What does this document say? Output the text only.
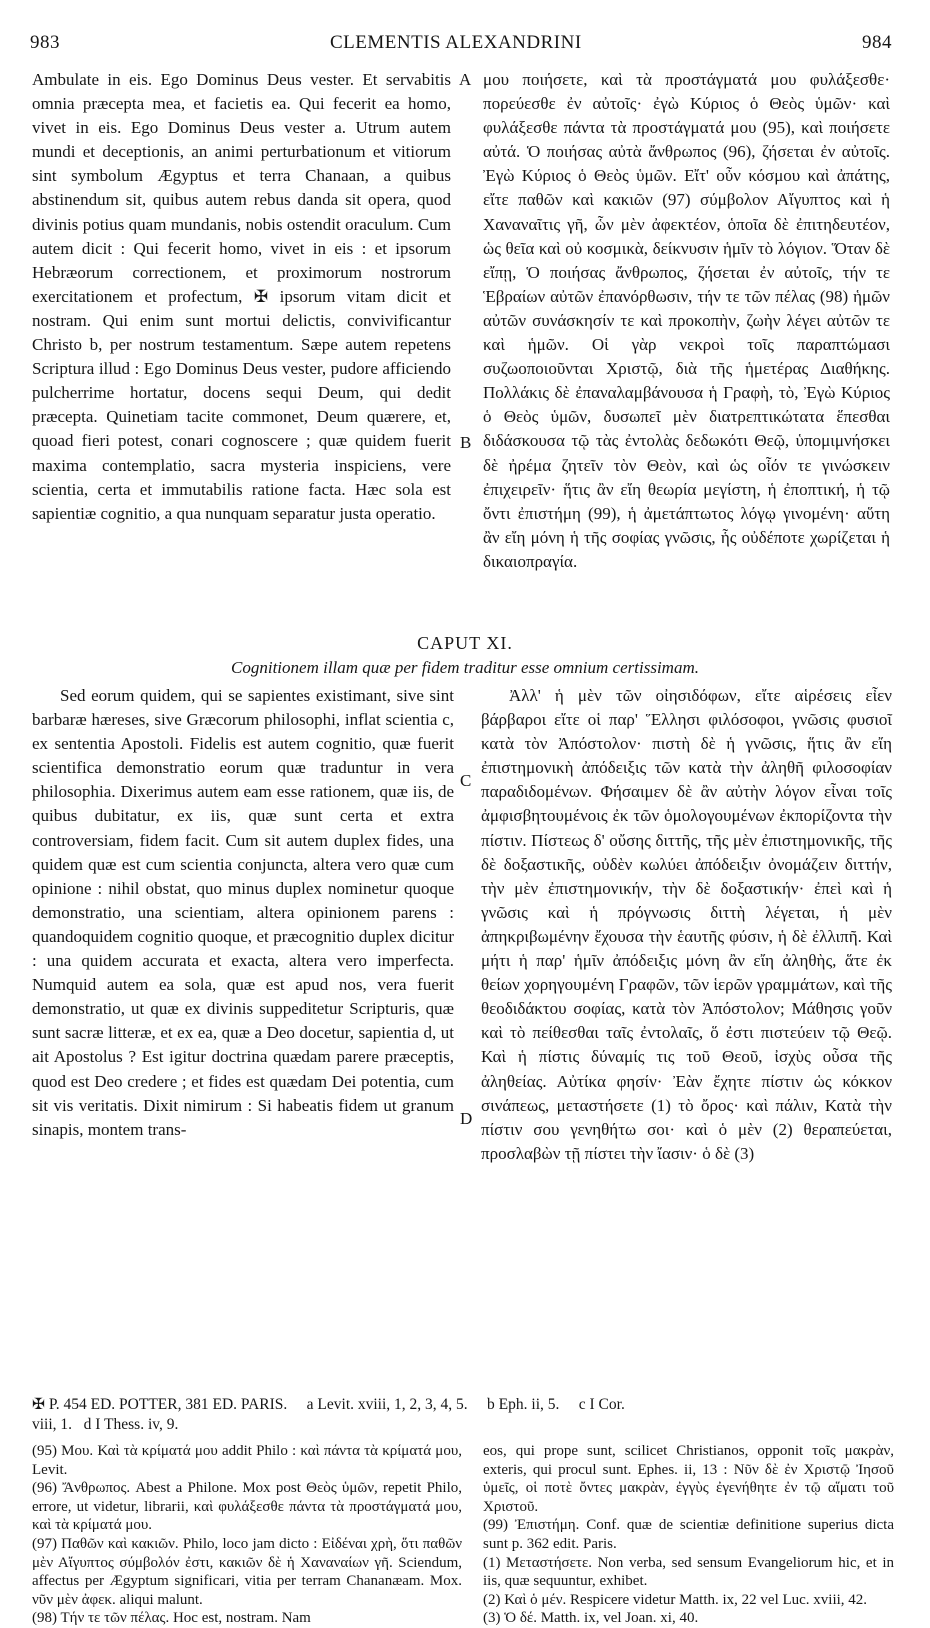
983	CLEMENTIS ALEXANDRINI	984

Ambulate in eis. Ego Dominus Deus vester. Et servabitis omnia præcepta mea, et facietis ea. Qui fecerit ea homo, vivet in eis. Ego Dominus Deus vester a. Utrum autem mundi et deceptionis, an animi perturbationum et vitiorum sint symbolum Ægyptus et terra Chanaan, a quibus abstinendum sit, quibus autem rebus danda sit opera, quod divinis potius quam mundanis, nobis ostendit oraculum. Cum autem dicit : Qui fecerit homo, vivet in eis : et ipsorum Hebræorum correctionem, et proximorum nostrorum exercitationem et profectum, ✠ ipsorum vitam dicit et nostram. Qui enim sunt mortui delictis, convivificantur Christo b, per nostrum testamentum. Sæpe autem repetens Scriptura illud : Ego Dominus Deus vester, pudore afficiendo pulcherrime hortatur, docens sequi Deum, qui dedit præcepta. Quinetiam tacite commonet, Deum quærere, et, quoad fieri potest, conari cognoscere ; quæ quidem fuerit maxima contemplatio, sacra mysteria inspiciens, vere scientia, certa et immutabilis ratione facta. Hæc sola est sapientiæ cognitio, a qua nunquam separatur justa operatio.

μου ποιήσετε, καὶ τὰ προστάγματά μου φυλάξεσθε· πορεύεσθε ἐν αὐτοῖς· ἐγὼ Κύριος ὁ Θεὸς ὑμῶν· καὶ φυλάξεσθε πάντα τὰ προστάγματά μου (95), καὶ ποιήσετε αὐτά. Ὁ ποιήσας αὐτὰ ἄνθρωπος (96), ζήσεται ἐν αὐτοῖς. Ἐγὼ Κύριος ὁ Θεὸς ὑμῶν. Εἴτ' οὖν κόσμου καὶ ἀπάτης, εἴτε παθῶν καὶ κακιῶν (97) σύμβολον Αἴγυπτος καὶ ἡ Χαναναῖτις γῆ, ὧν μὲν ἀφεκτέον, ὁποῖα δὲ ἐπιτηδευτέον, ὡς θεῖα καὶ οὐ κοσμικὰ, δείκνυσιν ἡμῖν τὸ λόγιον. Ὅταν δὲ εἴπῃ, Ὁ ποιήσας ἄνθρωπος, ζήσεται ἐν αὐτοῖς, τήν τε Ἑβραίων αὐτῶν ἐπανόρθωσιν, τήν τε τῶν πέλας (98) ἡμῶν αὐτῶν συνάσκησίν τε καὶ προκοπὴν, ζωὴν λέγει αὐτῶν τε καὶ ἡμῶν. Οἱ γὰρ νεκροὶ τοῖς παραπτώμασι συζωοποιοῦνται Χριστῷ, διὰ τῆς ἡμετέρας Διαθήκης. Πολλάκις δὲ ἐπαναλαμβάνουσα ἡ Γραφὴ, τὸ, Ἐγὼ Κύριος ὁ Θεὸς ὑμῶν, δυσωπεῖ μὲν διατρεπτικώτατα ἕπεσθαι διδάσκουσα τῷ τὰς ἐντολὰς δεδωκότι Θεῷ, ὑπομιμνήσκει δὲ ἠρέμα ζητεῖν τὸν Θεὸν, καὶ ὡς οἷόν τε γινώσκειν ἐπιχειρεῖν· ἥτις ἂν εἴη θεωρία μεγίστη, ἡ ἐποπτική, ἡ τῷ ὄντι ἐπιστήμη (99), ἡ ἀμετάπτωτος λόγῳ γινομένη· αὕτη ἂν εἴη μόνη ἡ τῆς σοφίας γνῶσις, ἧς οὐδέποτε χωρίζεται ἡ δικαιοπραγία.

A
B
C
D
CAPUT XI.
Cognitionem illam quæ per fidem traditur esse omnium certissimam.

Sed eorum quidem, qui se sapientes existimant, sive sint barbaræ hæreses, sive Græcorum philosophi, inflat scientia c, ex sententia Apostoli. Fidelis est autem cognitio, quæ fuerit scientifica demonstratio eorum quæ traduntur in vera philosophia. Dixerimus autem eam esse rationem, quæ iis, de quibus dubitatur, ex iis, quæ sunt certa et extra controversiam, fidem facit. Cum sit autem duplex fides, una quidem quæ est cum scientia conjuncta, altera vero quæ cum opinione : nihil obstat, quo minus duplex nominetur quoque demonstratio, una scientiam, altera opinionem parens : quandoquidem cognitio quoque, et præcognitio duplex dicitur : una quidem accurata et exacta, altera vero imperfecta. Numquid autem ea sola, quæ est apud nos, vera fuerit demonstratio, ut quæ ex divinis suppeditetur Scripturis, quæ sunt sacræ litteræ, et ex ea, quæ a Deo docetur, sapientia d, ut ait Apostolus ? Est igitur doctrina quædam parere præceptis, quod est Deo credere ; et fides est quædam Dei potentia, cum sit vis veritatis. Dixit nimirum : Si habeatis fidem ut granum sinapis, montem trans-

Ἀλλ' ἡ μὲν τῶν οἰησιδόφων, εἴτε αἱρέσεις εἶεν βάρβαροι εἴτε οἱ παρ' Ἕλλησι φιλόσοφοι, γνῶσις φυσιοῖ κατὰ τὸν Ἀπόστολον· πιστὴ δὲ ἡ γνῶσις, ἥτις ἂν εἴη ἐπιστημονικὴ ἀπόδειξις τῶν κατὰ τὴν ἀληθῆ φιλοσοφίαν παραδιδομένων. Φήσαιμεν δὲ ἂν αὐτὴν λόγον εἶναι τοῖς ἀμφισβητουμένοις ἐκ τῶν ὁμολογουμένων ἐκπορίζοντα τὴν πίστιν. Πίστεως δ' οὔσης διττῆς, τῆς μὲν ἐπιστημονικῆς, τῆς δὲ δοξαστικῆς, οὐδὲν κωλύει ἀπόδειξιν ὀνομάζειν διττήν, τὴν μὲν ἐπιστημονικήν, τὴν δὲ δοξαστικήν· ἐπεὶ καὶ ἡ γνῶσις καὶ ἡ πρόγνωσις διττὴ λέγεται, ἡ μὲν ἀπηκριβωμένην ἔχουσα τὴν ἑαυτῆς φύσιν, ἡ δὲ ἐλλιπῆ. Καὶ μήτι ἡ παρ' ἡμῖν ἀπόδειξις μόνη ἂν εἴη ἀληθὴς, ἅτε ἐκ θείων χορηγουμένη Γραφῶν, τῶν ἱερῶν γραμμάτων, καὶ τῆς θεοδιδάκτου σοφίας, κατὰ τὸν Ἀπόστολον; Μάθησις γοῦν καὶ τὸ πείθεσθαι ταῖς ἐντολαῖς, ὅ ἐστι πιστεύειν τῷ Θεῷ. Καὶ ἡ πίστις δύναμίς τις τοῦ Θεοῦ, ἰσχὺς οὖσα τῆς ἀληθείας. Αὐτίκα φησίν· Ἐὰν ἔχητε πίστιν ὡς κόκκον σινάπεως, μεταστήσετε (1) τὸ ὄρος· καὶ πάλιν, Κατὰ τὴν πίστιν σου γενηθήτω σοι· καὶ ὁ μὲν (2) θεραπεύεται, προσλαβὼν τῇ πίστει τὴν ἴασιν· ὁ δὲ (3)

✠ P. 454 ED. POTTER, 381 ED. PARIS. a Levit. xviii, 1, 2, 3, 4, 5. b Eph. ii, 5. c I Cor.
viii, 1. d I Thess. iv, 9.

(95) Μου. Καὶ τὰ κρίματά μου addit Philo : καὶ πάντα τὰ κρίματά μου, Levit.

(96) Ἄνθρωπος. Abest a Philone. Mox post Θεὸς ὑμῶν, repetit Philo, errore, ut videtur, librarii, καὶ φυλάξεσθε πάντα τὰ προστάγματά μου, καὶ τὰ κρίματά μου.

(97) Παθῶν καὶ κακιῶν. Philo, loco jam dicto : Εἰδέναι χρὴ, ὅτι παθῶν μὲν Αἴγυπτος σύμβολόν ἐστι, κακιῶν δὲ ἡ Χαναναίων γῆ. Sciendum, affectus per Ægyptum significari, vitia per terram Chananæam. Mox. νῦν μὲν ἀφεκ. aliqui malunt.

(98) Τήν τε τῶν πέλας. Hoc est, nostram. Nam

eos, qui prope sunt, scilicet Christianos, opponit τοῖς μακρὰν, exteris, qui procul sunt. Ephes. ii, 13 : Νῦν δὲ ἐν Χριστῷ Ἰησοῦ ὑμεῖς, οἱ ποτὲ ὄντες μακρὰν, ἐγγὺς ἐγενήθητε ἐν τῷ αἵματι τοῦ Χριστοῦ.

(99) Ἐπιστήμη. Conf. quæ de scientiæ definitione superius dicta sunt p. 362 edit. Paris.

(1) Μεταστήσετε. Non verba, sed sensum Evangeliorum hic, et in iis, quæ sequuntur, exhibet.

(2) Καὶ ὁ μέν. Respicere videtur Matth. ix, 22 vel Luc. xviii, 42.

(3) Ὁ δέ. Matth. ix, vel Joan. xi, 40.
